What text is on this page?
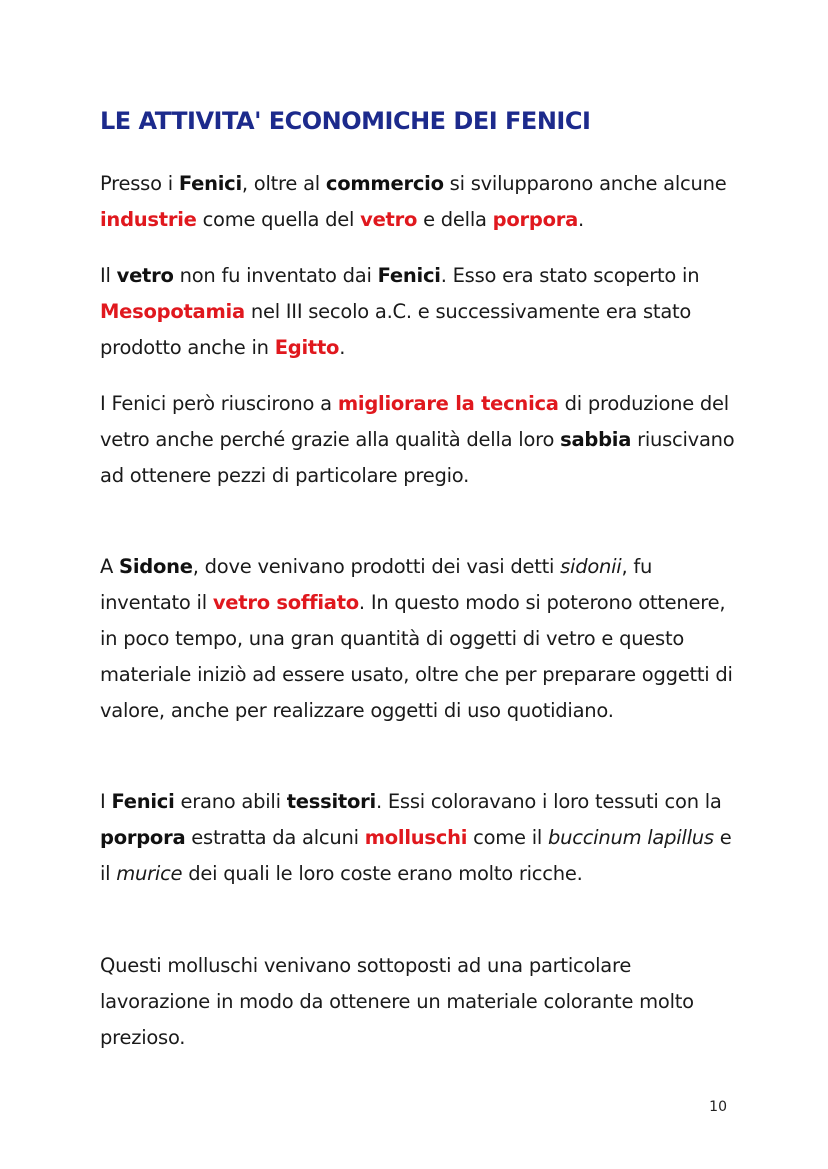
LE ATTIVITA' ECONOMICHE DEI FENICI

Presso i Fenici, oltre al commercio si svilupparono anche alcune industrie come quella del vetro e della porpora.

Il vetro non fu inventato dai Fenici. Esso era stato scoperto in Mesopotamia nel III secolo a.C. e successivamente era stato prodotto anche in Egitto.

I Fenici però riuscirono a migliorare la tecnica di produzione del vetro anche perché grazie alla qualità della loro sabbia riuscivano ad ottenere pezzi di particolare pregio.

A Sidone, dove venivano prodotti dei vasi detti sidonii, fu inventato il vetro soffiato. In questo modo si poterono ottenere, in poco tempo, una gran quantità di oggetti di vetro e questo materiale iniziò ad essere usato, oltre che per preparare oggetti di valore, anche per realizzare oggetti di uso quotidiano.

I Fenici erano abili tessitori. Essi coloravano i loro tessuti con la porpora estratta da alcuni molluschi come il buccinum lapillus e il murice dei quali le loro coste erano molto ricche.

Questi molluschi venivano sottoposti ad una particolare lavorazione in modo da ottenere un materiale colorante molto prezioso.

10
